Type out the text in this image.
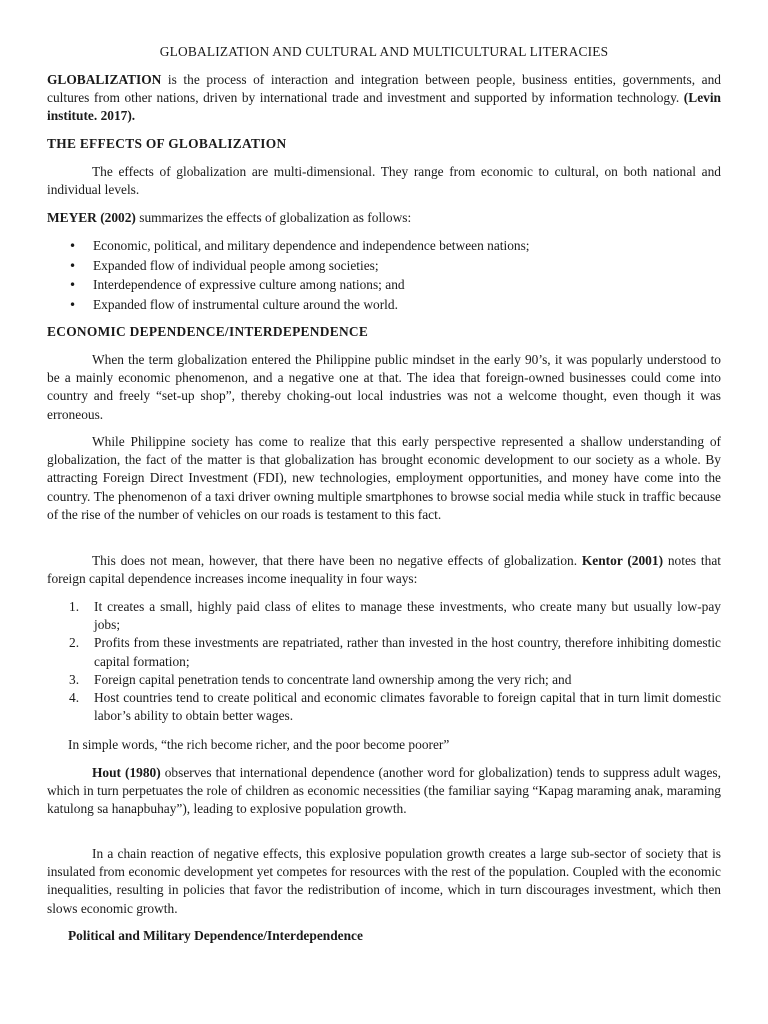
GLOBALIZATION AND CULTURAL AND MULTICULTURAL LITERACIES

GLOBALIZATION is the process of interaction and integration between people, business entities, governments, and cultures from other nations, driven by international trade and investment and supported by information technology. (Levin institute. 2017).

THE EFFECTS OF GLOBALIZATION

The effects of globalization are multi-dimensional. They range from economic to cultural, on both national and individual levels.

MEYER (2002) summarizes the effects of globalization as follows:

• Economic, political, and military dependence and independence between nations;
• Expanded flow of individual people among societies;
• Interdependence of expressive culture among nations; and
• Expanded flow of instrumental culture around the world.
ECONOMIC DEPENDENCE/INTERDEPENDENCE

When the term globalization entered the Philippine public mindset in the early 90’s, it was popularly understood to be a mainly economic phenomenon, and a negative one at that. The idea that foreign-owned businesses could come into country and freely “set-up shop”, thereby choking-out local industries was not a welcome thought, even though it was erroneous.

While Philippine society has come to realize that this early perspective represented a shallow understanding of globalization, the fact of the matter is that globalization has brought economic development to our society as a whole. By attracting Foreign Direct Investment (FDI), new technologies, employment opportunities, and money have come into the country. The phenomenon of a taxi driver owning multiple smartphones to browse social media while stuck in traffic because of the rise of the number of vehicles on our roads is testament to this fact.

This does not mean, however, that there have been no negative effects of globalization. Kentor (2001) notes that foreign capital dependence increases income inequality in four ways:

1. It creates a small, highly paid class of elites to manage these investments, who create many but usually low-pay jobs;
2. Profits from these investments are repatriated, rather than invested in the host country, therefore inhibiting domestic capital formation;
3. Foreign capital penetration tends to concentrate land ownership among the very rich; and
4. Host countries tend to create political and economic climates favorable to foreign capital that in turn limit domestic labor’s ability to obtain better wages.

In simple words, “the rich become richer, and the poor become poorer”

Hout (1980) observes that international dependence (another word for globalization) tends to suppress adult wages, which in turn perpetuates the role of children as economic necessities (the familiar saying “Kapag maraming anak, maraming katulong sa hanapbuhay”), leading to explosive population growth.

In a chain reaction of negative effects, this explosive population growth creates a large sub-sector of society that is insulated from economic development yet competes for resources with the rest of the population. Coupled with the economic inequalities, resulting in policies that favor the redistribution of income, which in turn discourages investment, which then slows economic growth.

Political and Military Dependence/Interdependence
